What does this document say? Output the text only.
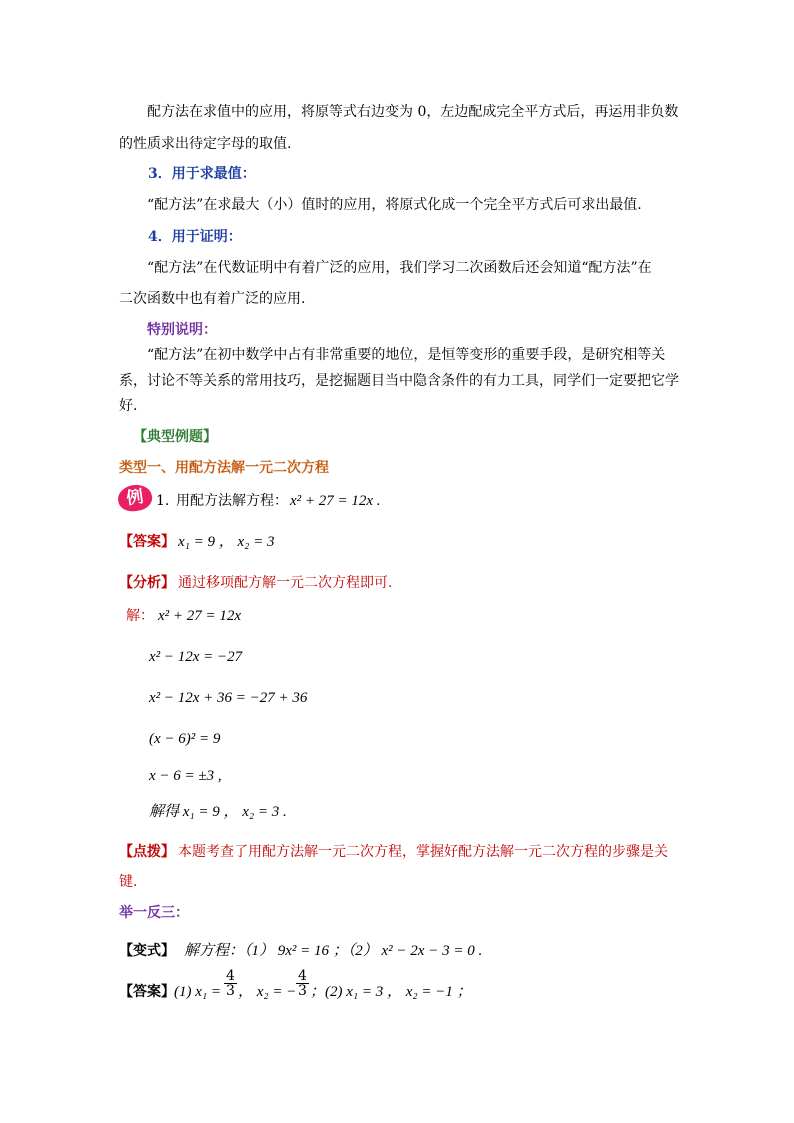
配方法在求值中的应用，将原等式右边变为 0，左边配成完全平方式后，再运用非负数
的性质求出待定字母的取值.
3．用于求最值：
“配方法”在求最大（小）值时的应用，将原式化成一个完全平方式后可求出最值.
4．用于证明：
“配方法”在代数证明中有着广泛的应用，我们学习二次函数后还会知道“配方法”在
二次函数中也有着广泛的应用.
特别说明：
“配方法”在初中数学中占有非常重要的地位，是恒等变形的重要手段，是研究相等关
系，讨论不等关系的常用技巧，是挖掘题目当中隐含条件的有力工具，同学们一定要把它学
好.
【典型例题】
类型一、用配方法解一元二次方程
例 1. 用配方法解方程： x² + 27 = 12x .
【答案】 x₁ = 9 ， x₂ = 3
【分析】 通过移项配方解一元二次方程即可.
解： x² + 27 = 12x
x² − 12x = −27
x² − 12x + 36 = −27 + 36
(x − 6)² = 9
x − 6 = ±3 ,
解得 x₁ = 9 ， x₂ = 3 .
【点拨】 本题考查了用配方法解一元二次方程，掌握好配方法解一元二次方程的步骤是关
键.
举一反三：
【变式】 解方程：（1） 9x² = 16 ；（2） x² − 2x − 3 = 0 .
【答案】 (1) $x_1 = \frac{4}{3}$ ， x₂ = − $\frac{4}{3}$ ；(2) x₁ = 3 ， x₂ = −1 ；
